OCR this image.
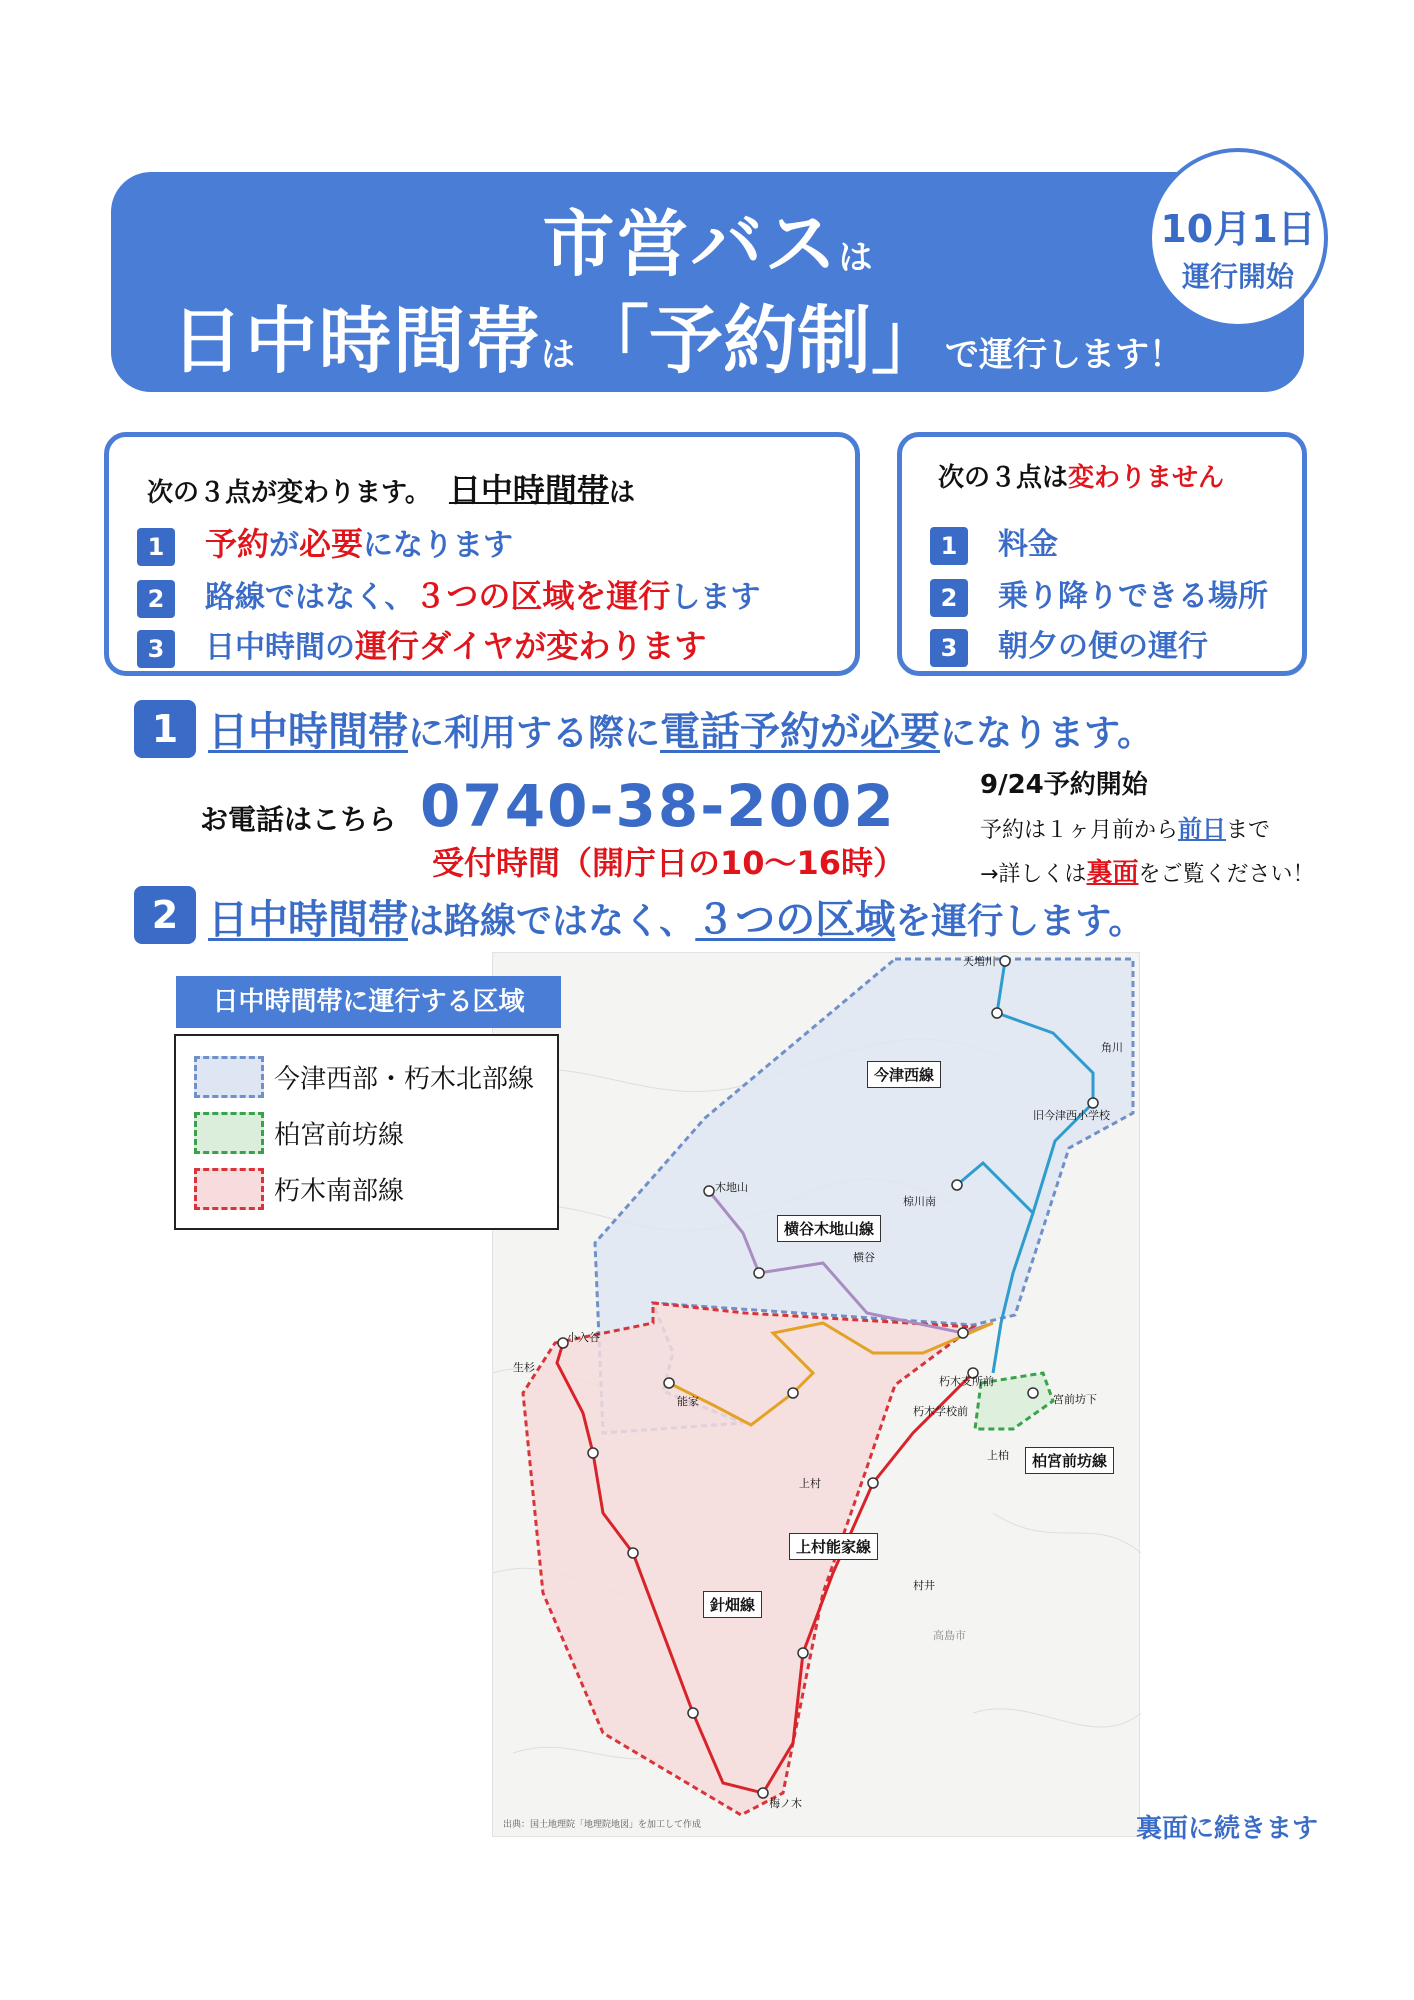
市営バスは
日中時間帯は「予約制」で運行します！
10月1日
運行開始
次の３点が変わります。 日中時間帯は
1 予約が必要になります
2 路線ではなく、３つの区域を運行します
3 日中時間の運行ダイヤが変わります
次の３点は変わりません
1 料金
2 乗り降りできる場所
3 朝夕の便の運行
1 日中時間帯に利用する際に電話予約が必要になります。
お電話はこちら 0740-38-2002
受付時間（開庁日の10～16時）
9/24予約開始
予約は１ヶ月前から前日まで
→詳しくは裏面をご覧ください！
2 日中時間帯は路線ではなく、３つの区域を運行します。
今津西線
横谷木地山線
上村能家線
針畑線
柏宮前坊線
天増川
角川
旧今津西小学校
椋川南
木地山
横谷
小入谷
生杉
能家
上村
朽木支所前
朽木学校前
宮前坊下
上柏
村井
高島市
梅ノ木
出典：国土地理院「地理院地図」を加工して作成
日中時間帯に運行する区域
今津西部・朽木北部線
柏宮前坊線
朽木南部線
裏面に続きます
